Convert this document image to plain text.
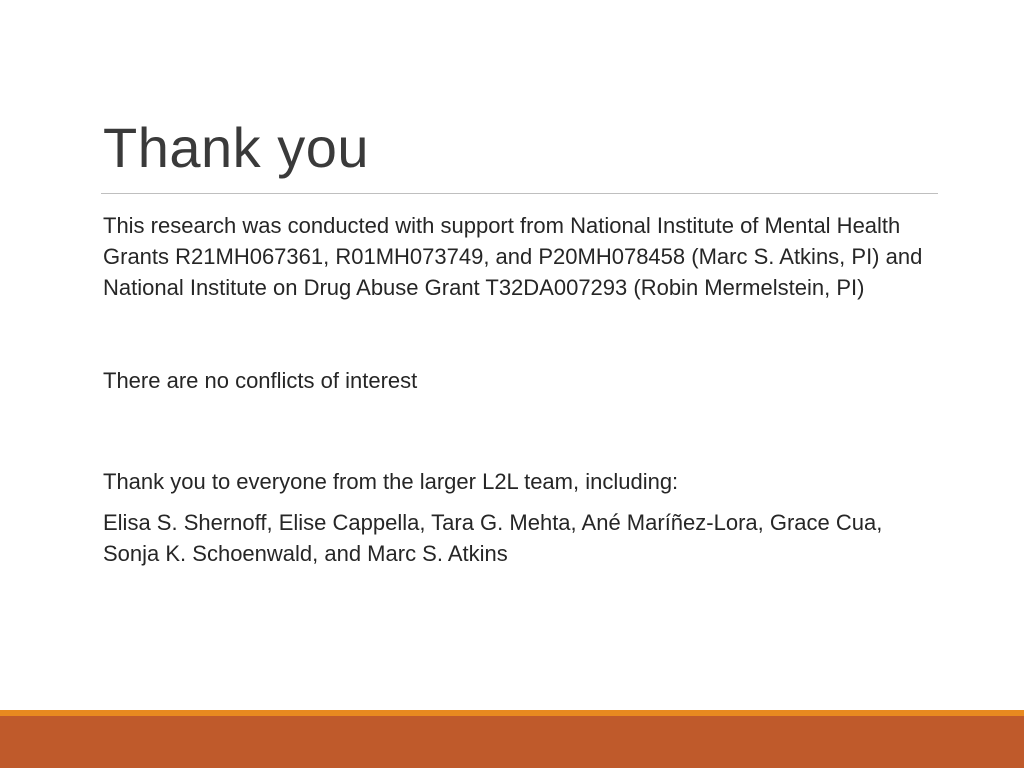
Thank you

This research was conducted with support from National Institute of Mental Health Grants R21MH067361, R01MH073749, and P20MH078458 (Marc S. Atkins, PI) and National Institute on Drug Abuse Grant T32DA007293 (Robin Mermelstein, PI)

There are no conflicts of interest

Thank you to everyone from the larger L2L team, including:

Elisa S. Shernoff, Elise Cappella, Tara G. Mehta, Ané Maríñez-Lora, Grace Cua, Sonja K. Schoenwald, and Marc S. Atkins
